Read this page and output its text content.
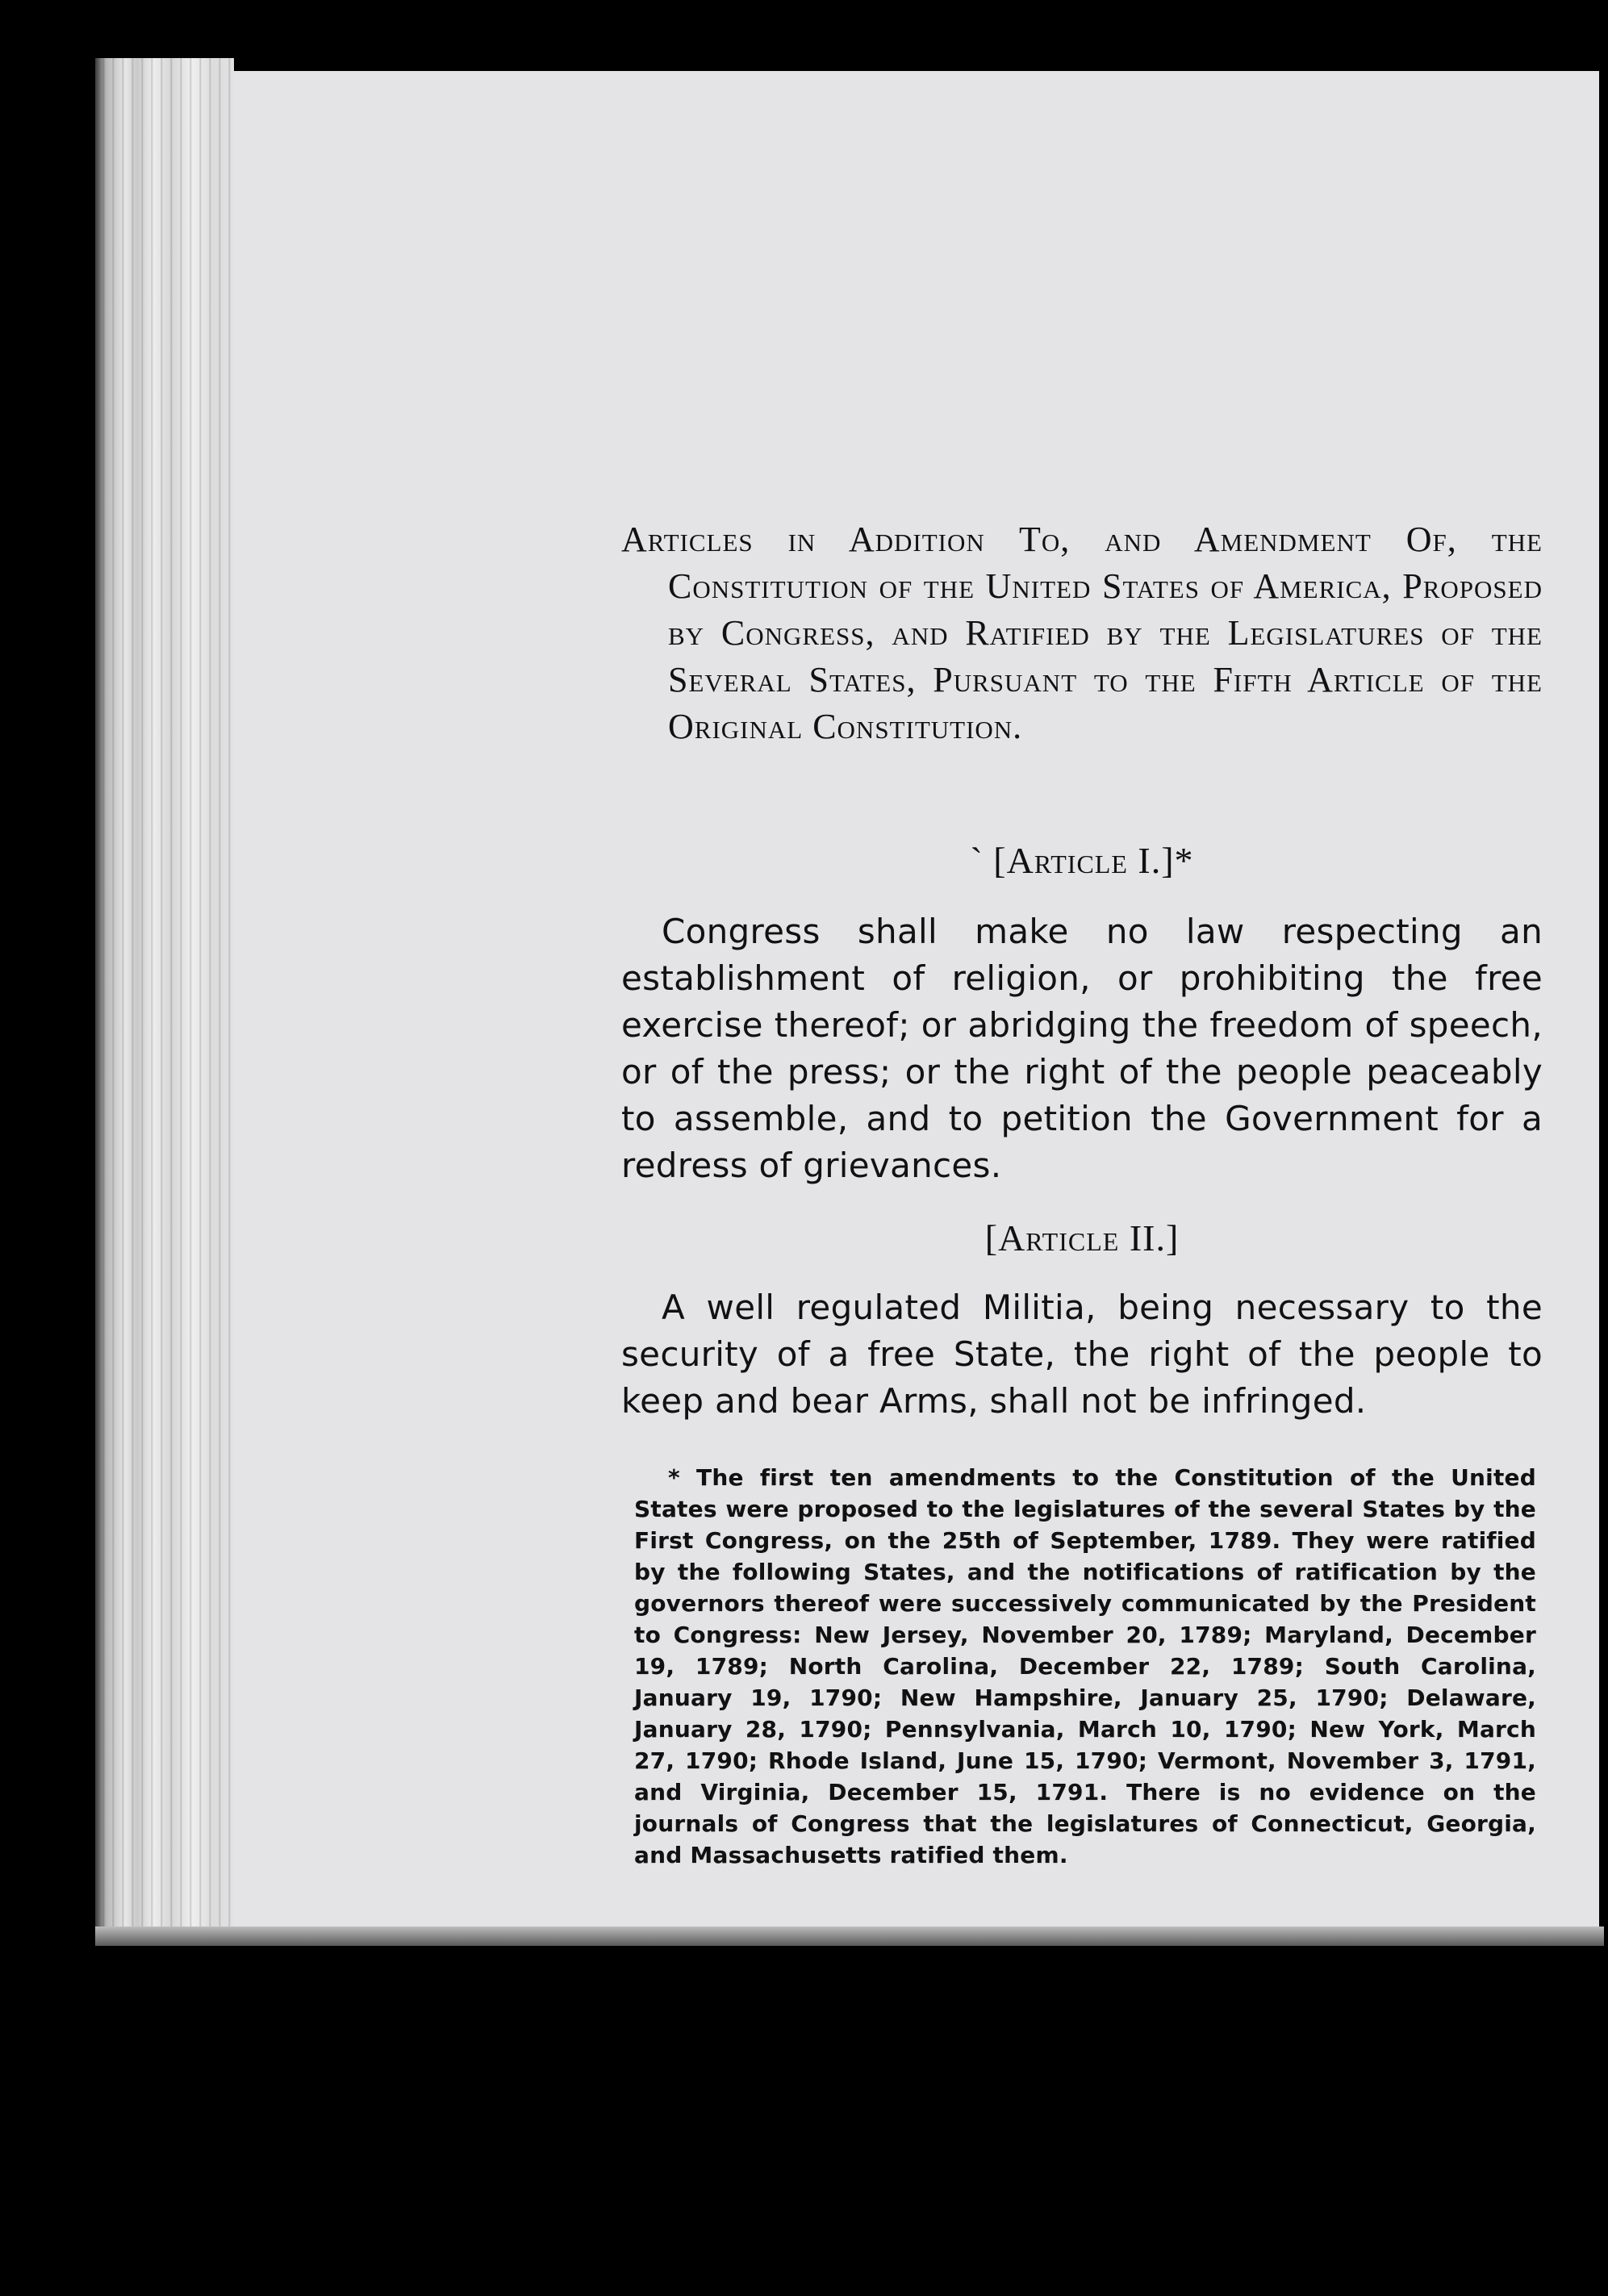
Articles in Addition To, and Amendment Of, the Constitution of the United States of America, Proposed by Congress, and Ratified by the Legislatures of the Several States, Pursuant to the Fifth Article of the Original Constitution.
` [Article I.]*
Congress shall make no law respecting an establishment of religion, or prohibiting the free exercise thereof; or abridging the freedom of speech, or of the press; or the right of the people peaceably to assemble, and to petition the Government for a redress of grievances.
[Article II.]
A well regulated Militia, being necessary to the security of a free State, the right of the people to keep and bear Arms, shall not be infringed.
* The first ten amendments to the Constitution of the United States were proposed to the legislatures of the several States by the First Congress, on the 25th of September, 1789. They were ratified by the following States, and the notifications of ratification by the governors thereof were successively communicated by the President to Congress: New Jersey, November 20, 1789; Maryland, December 19, 1789; North Carolina, December 22, 1789; South Carolina, January 19, 1790; New Hampshire, January 25, 1790; Delaware, January 28, 1790; Pennsylvania, March 10, 1790; New York, March 27, 1790; Rhode Island, June 15, 1790; Vermont, November 3, 1791, and Virginia, December 15, 1791. There is no evidence on the journals of Congress that the legislatures of Connecticut, Georgia, and Massachusetts ratified them.
